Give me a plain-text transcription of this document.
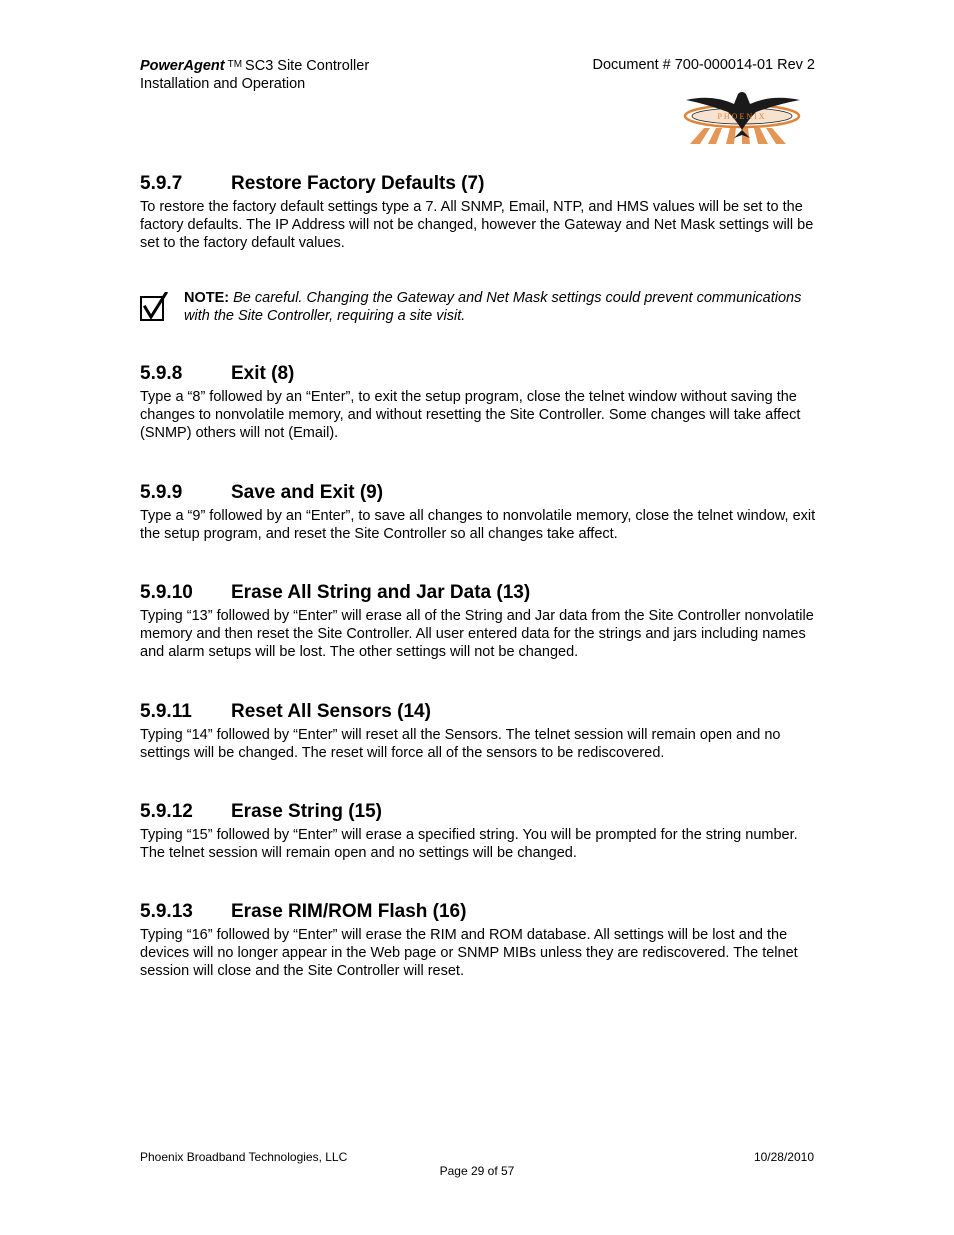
PowerAgent ™ SC3 Site Controller
Installation and Operation
Document # 700-000014-01 Rev 2
PHOENIX
5.9.7	Restore Factory Defaults (7)

To restore the factory default settings type a 7. All SNMP, Email, NTP, and HMS values will be set to the factory defaults. The IP Address will not be changed, however the Gateway and Net Mask settings will be set to the factory default values.

NOTE: Be careful. Changing the Gateway and Net Mask settings could prevent communications with the Site Controller, requiring a site visit.
5.9.8	Exit (8)

Type a “8” followed by an “Enter”, to exit the setup program, close the telnet window without saving the changes to nonvolatile memory, and without resetting the Site Controller. Some changes will take affect (SNMP) others will not (Email).

5.9.9	Save and Exit (9)

Type a “9” followed by an “Enter”, to save all changes to nonvolatile memory, close the telnet window, exit the setup program, and reset the Site Controller so all changes take affect.

5.9.10 Erase All String and Jar Data (13)

Typing “13” followed by “Enter” will erase all of the String and Jar data from the Site Controller nonvolatile memory and then reset the Site Controller. All user entered data for the strings and jars including names and alarm setups will be lost. The other settings will not be changed.

5.9.11 Reset All Sensors (14)

Typing “14” followed by “Enter” will reset all the Sensors. The telnet session will remain open and no settings will be changed. The reset will force all of the sensors to be rediscovered.

5.9.12 Erase String (15)

Typing “15” followed by “Enter” will erase a specified string. You will be prompted for the string number. The telnet session will remain open and no settings will be changed.

5.9.13 Erase RIM/ROM Flash (16)

Typing “16” followed by “Enter” will erase the RIM and ROM database. All settings will be lost and the devices will no longer appear in the Web page or SNMP MIBs unless they are rediscovered. The telnet session will close and the Site Controller will reset.

Phoenix Broadband Technologies, LLC	10/28/2010
Page 29 of 57
